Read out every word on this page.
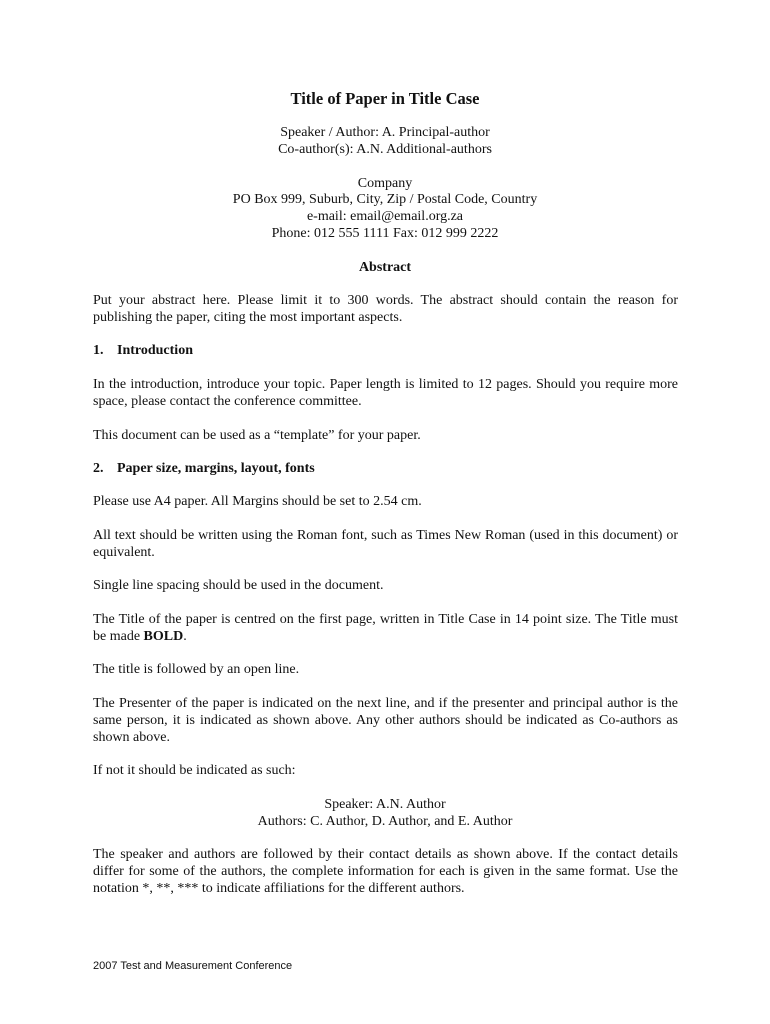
Title of Paper in Title Case
Speaker / Author: A. Principal-author
Co-author(s): A.N. Additional-authors
Company
PO Box 999, Suburb, City, Zip / Postal Code, Country
e-mail: email@email.org.za
Phone: 012 555 1111 Fax: 012 999 2222
Abstract
Put your abstract here. Please limit it to 300 words. The abstract should contain the reason for publishing the paper, citing the most important aspects.
1. Introduction
In the introduction, introduce your topic. Paper length is limited to 12 pages. Should you require more space, please contact the conference committee.
This document can be used as a “template” for your paper.
2. Paper size, margins, layout, fonts
Please use A4 paper. All Margins should be set to 2.54 cm.
All text should be written using the Roman font, such as Times New Roman (used in this document) or equivalent.
Single line spacing should be used in the document.
The Title of the paper is centred on the first page, written in Title Case in 14 point size. The Title must be made BOLD.
The title is followed by an open line.
The Presenter of the paper is indicated on the next line, and if the presenter and principal author is the same person, it is indicated as shown above. Any other authors should be indicated as Co-authors as shown above.
If not it should be indicated as such:
Speaker: A.N. Author
Authors: C. Author, D. Author, and E. Author
The speaker and authors are followed by their contact details as shown above. If the contact details differ for some of the authors, the complete information for each is given in the same format. Use the notation *, **, *** to indicate affiliations for the different authors.
2007 Test and Measurement Conference
